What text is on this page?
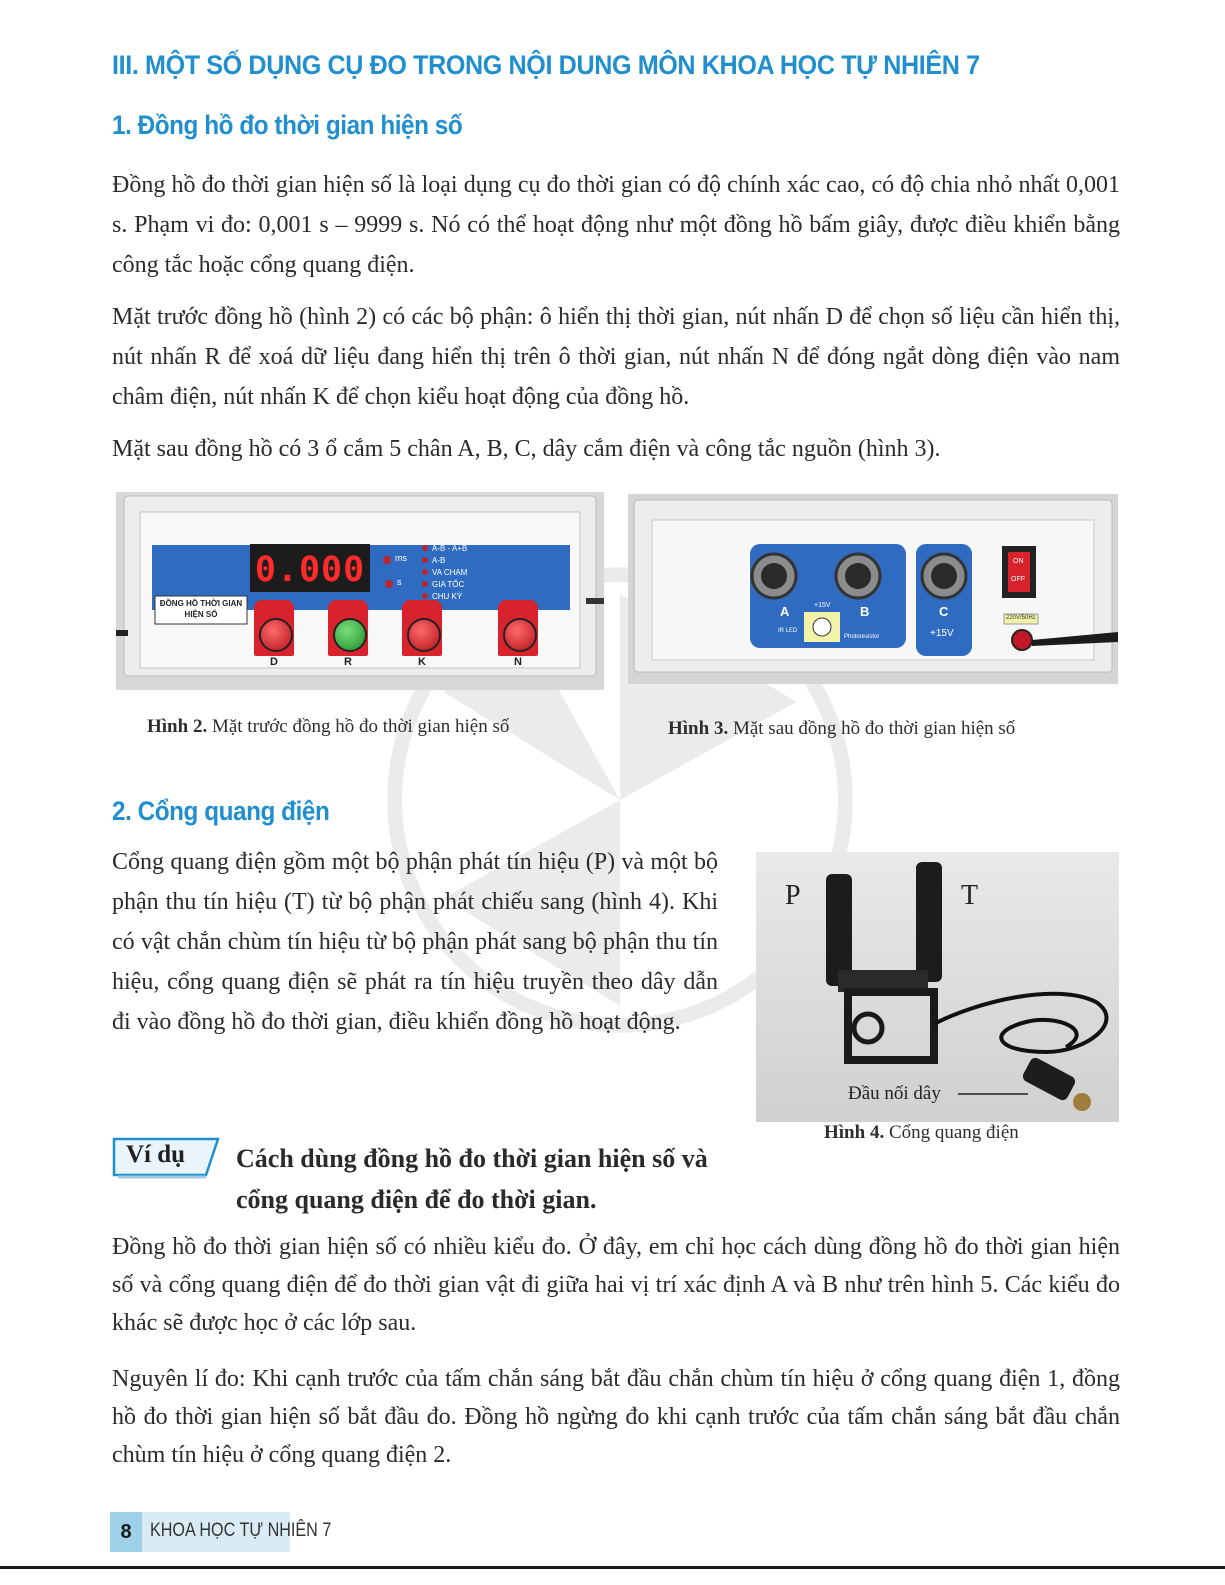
III. MỘT SỐ DỤNG CỤ ĐO TRONG NỘI DUNG MÔN KHOA HỌC TỰ NHIÊN 7
1. Đồng hồ đo thời gian hiện số

Đồng hồ đo thời gian hiện số là loại dụng cụ đo thời gian có độ chính xác cao, có độ chia nhỏ nhất 0,001 s. Phạm vi đo: 0,001 s – 9999 s. Nó có thể hoạt động như một đồng hồ bấm giây, được điều khiển bằng công tắc hoặc cổng quang điện.

Mặt trước đồng hồ (hình 2) có các bộ phận: ô hiển thị thời gian, nút nhấn D để chọn số liệu cần hiển thị, nút nhấn R để xoá dữ liệu đang hiển thị trên ô thời gian, nút nhấn N để đóng ngắt dòng điện vào nam châm điện, nút nhấn K để chọn kiểu hoạt động của đồng hồ.

Mặt sau đồng hồ có 3 ổ cắm 5 chân A, B, C, dây cắm điện và công tắc nguồn (hình 3).

0.000	ms
s
A-B - A+B
A-B
VA CHẠM
GIA TỐC
CHU KỲ
ĐỒNG HỒ THỜI GIAN
HIỆN SỐ
D	R	K	N

Hình 2. Mặt trước đồng hồ đo thời gian hiện số

A	B	C
+15V
+15V
IR LED
Photoresistor
ON
OFF
220V/50Hz

Hình 3. Mặt sau đồng hồ đo thời gian hiện số

2. Cổng quang điện

Cổng quang điện gồm một bộ phận phát tín hiệu (P) và một bộ phận thu tín hiệu (T) từ bộ phận phát chiếu sang (hình 4). Khi có vật chắn chùm tín hiệu từ bộ phận phát sang bộ phận thu tín hiệu, cổng quang điện sẽ phát ra tín hiệu truyền theo dây dẫn đi vào đồng hồ đo thời gian, điều khiển đồng hồ hoạt động.

P	T
Đầu nối dây

Hình 4. Cổng quang điện

Ví dụ Cách dùng đồng hồ đo thời gian hiện số và cổng quang điện để đo thời gian.

Đồng hồ đo thời gian hiện số có nhiều kiểu đo. Ở đây, em chỉ học cách dùng đồng hồ đo thời gian hiện số và cổng quang điện để đo thời gian vật đi giữa hai vị trí xác định A và B như trên hình 5. Các kiểu đo khác sẽ được học ở các lớp sau.

Nguyên lí đo: Khi cạnh trước của tấm chắn sáng bắt đầu chắn chùm tín hiệu ở cổng quang điện 1, đồng hồ đo thời gian hiện số bắt đầu đo. Đồng hồ ngừng đo khi cạnh trước của tấm chắn sáng bắt đầu chắn chùm tín hiệu ở cổng quang điện 2.

8 KHOA HỌC TỰ NHIÊN 7
